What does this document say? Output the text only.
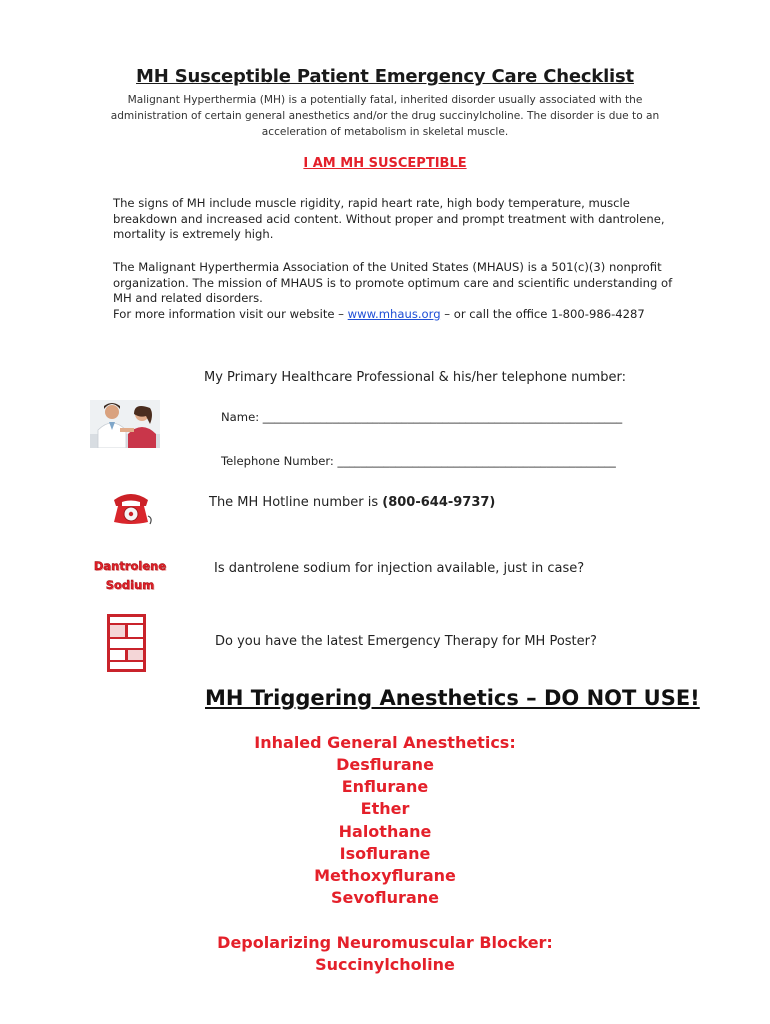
MH Susceptible Patient Emergency Care Checklist
Malignant Hyperthermia (MH) is a potentially fatal, inherited disorder usually associated with the administration of certain general anesthetics and/or the drug succinylcholine. The disorder is due to an acceleration of metabolism in skeletal muscle.
I AM MH SUSCEPTIBLE
The signs of MH include muscle rigidity, rapid heart rate, high body temperature, muscle breakdown and increased acid content. Without proper and prompt treatment with dantrolene, mortality is extremely high.
The Malignant Hyperthermia Association of the United States (MHAUS) is a 501(c)(3) nonprofit organization. The mission of MHAUS is to promote optimum care and scientific understanding of MH and related disorders.
For more information visit our website – www.mhaus.org – or call the office 1-800-986-4287
My Primary Healthcare Professional & his/her telephone number:
Name: ______________________________________________________________
Telephone Number: ________________________________________________
The MH Hotline number is (800-644-9737)
Dantrolene
Sodium
Is dantrolene sodium for injection available, just in case?
Do you have the latest Emergency Therapy for MH Poster?
MH Triggering Anesthetics – DO NOT USE!
Inhaled General Anesthetics:
Desflurane
Enflurane
Ether
Halothane
Isoflurane
Methoxyflurane
Sevoflurane
Depolarizing Neuromuscular Blocker:
Succinylcholine
